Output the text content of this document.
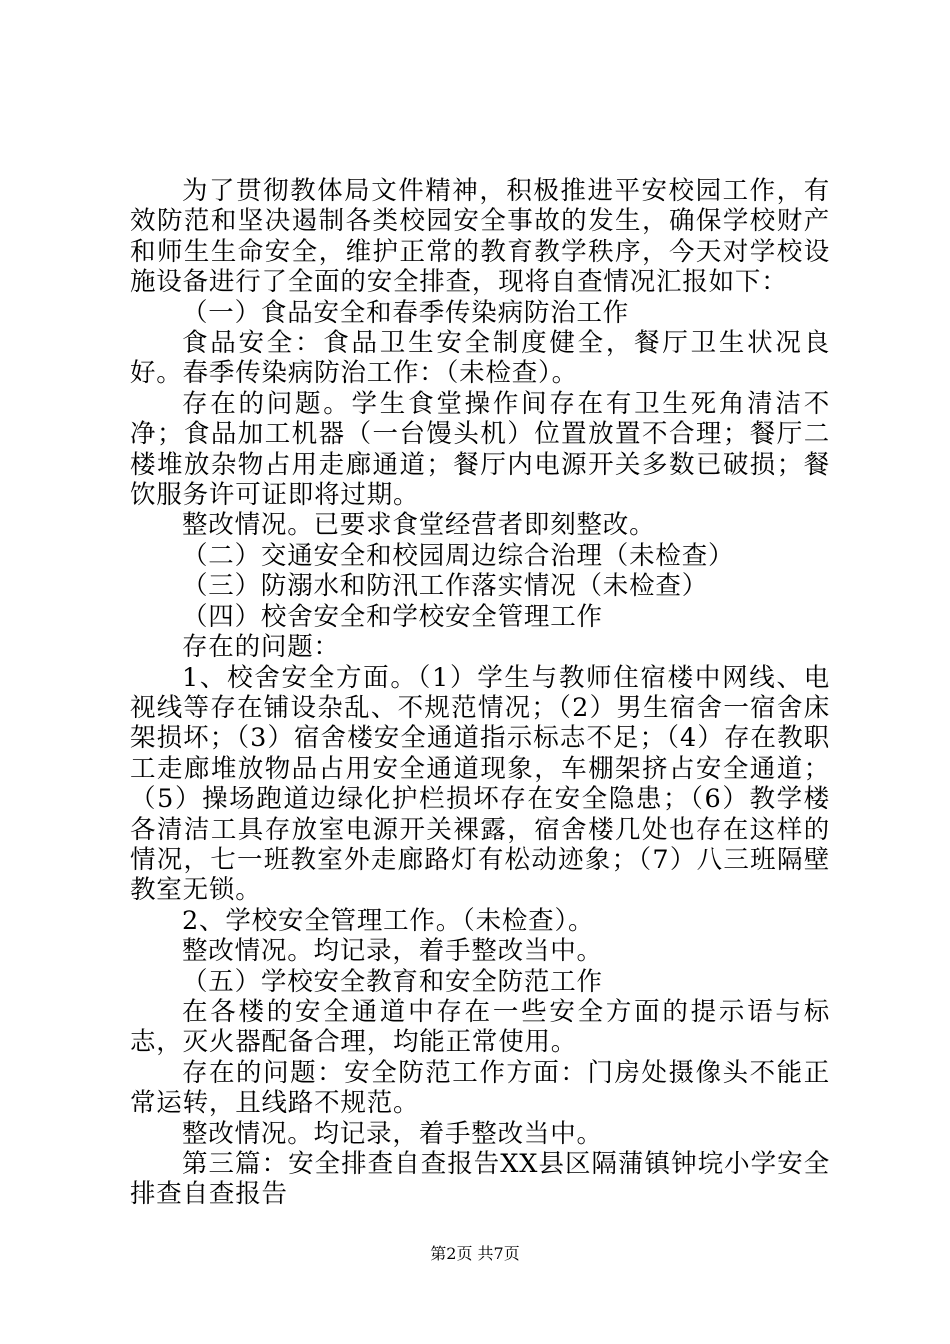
为了贯彻教体局文件精神，积极推进平安校园工作，有效防范和坚决遏制各类校园安全事故的发生，确保学校财产和师生生命安全，维护正常的教育教学秩序，今天对学校设施设备进行了全面的安全排查，现将自查情况汇报如下：

（一）食品安全和春季传染病防治工作

食品安全：食品卫生安全制度健全，餐厅卫生状况良好。春季传染病防治工作：（未检查）。

存在的问题。学生食堂操作间存在有卫生死角清洁不净；食品加工机器（一台馒头机）位置放置不合理；餐厅二楼堆放杂物占用走廊通道；餐厅内电源开关多数已破损；餐饮服务许可证即将过期。

整改情况。已要求食堂经营者即刻整改。

（二）交通安全和校园周边综合治理（未检查）

（三）防溺水和防汛工作落实情况（未检查）

（四）校舍安全和学校安全管理工作

存在的问题：

1、校舍安全方面。（1）学生与教师住宿楼中网线、电视线等存在铺设杂乱、不规范情况；（2）男生宿舍一宿舍床架损坏；（3）宿舍楼安全通道指示标志不足；（4）存在教职工走廊堆放物品占用安全通道现象，车棚架挤占安全通道；（5）操场跑道边绿化护栏损坏存在安全隐患；（6）教学楼各清洁工具存放室电源开关裸露，宿舍楼几处也存在这样的情况，七一班教室外走廊路灯有松动迹象；（7）八三班隔壁教室无锁。

2、学校安全管理工作。（未检查）。

整改情况。均记录，着手整改当中。

（五）学校安全教育和安全防范工作

在各楼的安全通道中存在一些安全方面的提示语与标志，灭火器配备合理，均能正常使用。

存在的问题：安全防范工作方面：门房处摄像头不能正常运转，且线路不规范。

整改情况。均记录，着手整改当中。

第三篇：安全排查自查报告XX县区隔蒲镇钟垸小学安全排查自查报告

第2页 共7页
